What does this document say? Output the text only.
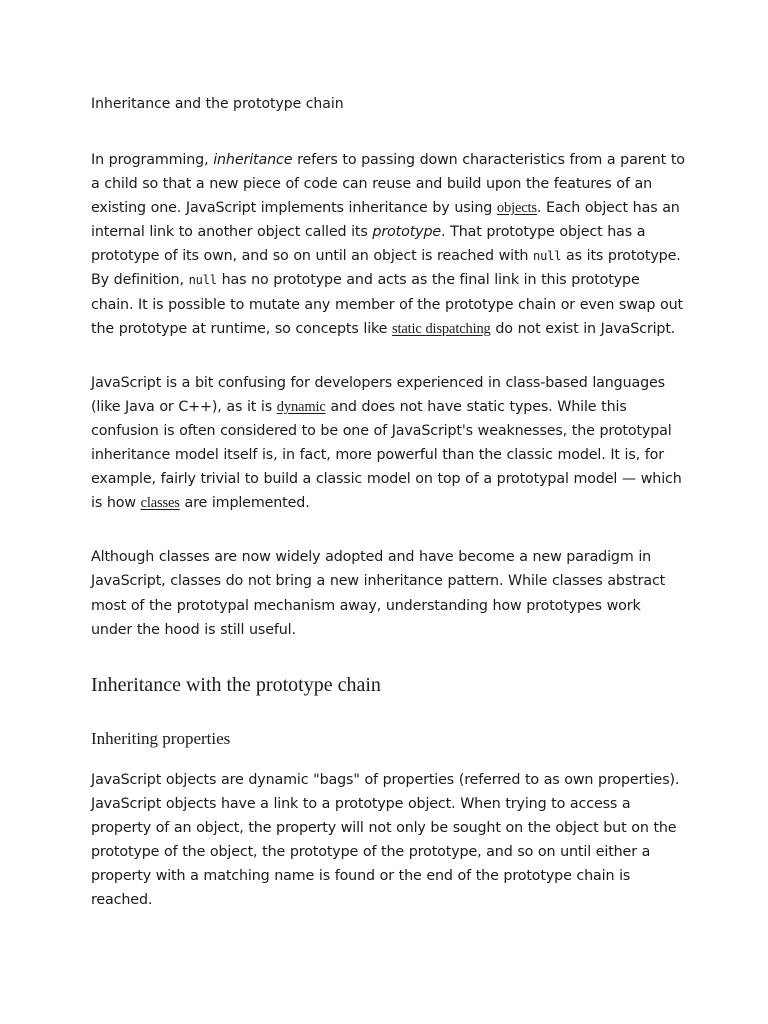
Inheritance and the prototype chain

In programming, inheritance refers to passing down characteristics from a parent to a child so that a new piece of code can reuse and build upon the features of an existing one. JavaScript implements inheritance by using objects. Each object has an internal link to another object called its prototype. That prototype object has a prototype of its own, and so on until an object is reached with null as its prototype. By definition, null has no prototype and acts as the final link in this prototype chain. It is possible to mutate any member of the prototype chain or even swap out the prototype at runtime, so concepts like static dispatching do not exist in JavaScript.

JavaScript is a bit confusing for developers experienced in class-based languages (like Java or C++), as it is dynamic and does not have static types. While this confusion is often considered to be one of JavaScript's weaknesses, the prototypal inheritance model itself is, in fact, more powerful than the classic model. It is, for example, fairly trivial to build a classic model on top of a prototypal model — which is how classes are implemented.

Although classes are now widely adopted and have become a new paradigm in JavaScript, classes do not bring a new inheritance pattern. While classes abstract most of the prototypal mechanism away, understanding how prototypes work under the hood is still useful.

Inheritance with the prototype chain
Inheriting properties

JavaScript objects are dynamic "bags" of properties (referred to as own properties). JavaScript objects have a link to a prototype object. When trying to access a property of an object, the property will not only be sought on the object but on the prototype of the object, the prototype of the prototype, and so on until either a property with a matching name is found or the end of the prototype chain is reached.
